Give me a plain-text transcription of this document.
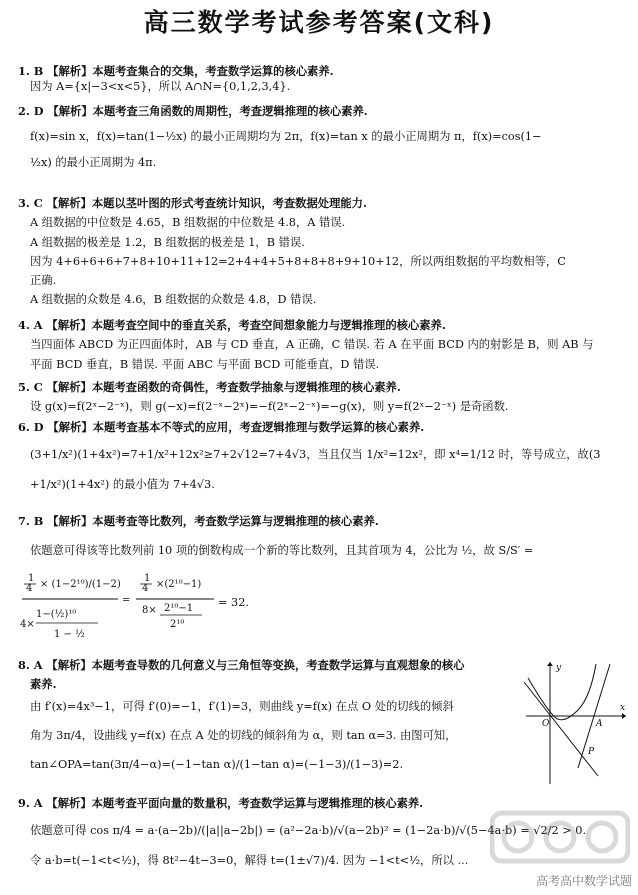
高三数学考试参考答案(文科)
1. B 【解析】本题考查集合的交集，考查数学运算的核心素养.
因为 A={x|−3<x<5}，所以 A∩N={0,1,2,3,4}.
2. D 【解析】本题考查三角函数的周期性，考查逻辑推理的核心素养.
f(x)=sin x，f(x)=tan(1−½x) 的最小正周期均为 2π，f(x)=tan x 的最小正周期为 π，f(x)=cos(1−
½x) 的最小正周期为 4π.
3. C 【解析】本题以茎叶图的形式考查统计知识，考查数据处理能力.
A 组数据的中位数是 4.65，B 组数据的中位数是 4.8，A 错误.
A 组数据的极差是 1.2，B 组数据的极差是 1，B 错误.
因为 4+6+6+6+7+8+10+11+12=2+4+4+5+8+8+8+9+10+12，所以两组数据的平均数相等，C
正确.
A 组数据的众数是 4.6，B 组数据的众数是 4.8，D 错误.
4. A 【解析】本题考查空间中的垂直关系，考查空间想象能力与逻辑推理的核心素养.
当四面体 ABCD 为正四面体时，AB 与 CD 垂直，A 正确，C 错误. 若 A 在平面 BCD 内的射影是 B，则 AB 与
平面 BCD 垂直，B 错误. 平面 ABC 与平面 BCD 可能垂直，D 错误.
5. C 【解析】本题考查函数的奇偶性，考查数学抽象与逻辑推理的核心素养.
设 g(x)=f(2ˣ−2⁻ˣ)，则 g(−x)=f(2⁻ˣ−2ˣ)=−f(2ˣ−2⁻ˣ)=−g(x)，则 y=f(2ˣ−2⁻ˣ) 是奇函数.
6. D 【解析】本题考查基本不等式的应用，考查逻辑推理与数学运算的核心素养.
(3+1/x²)(1+4x²)=7+1/x²+12x²≥7+2√12=7+4√3，当且仅当 1/x²=12x²，即 x⁴=1/12 时，等号成立，故(3
+1/x²)(1+4x²) 的最小值为 7+4√3.
7. B 【解析】本题考查等比数列，考查数学运算与逻辑推理的核心素养.
依题意可得该等比数列前 10 项的倒数构成一个新的等比数列，且其首项为 4，公比为 ½，故 S/S′ =
1
4 × (1−2¹⁰)/(1−2)
1−(½)¹⁰
4×
1 − ½
=
1
4 ×(2¹⁰−1)
8× 2¹⁰−1
2¹⁰
= 32.
8. A 【解析】本题考查导数的几何意义与三角恒等变换，考查数学运算与直观想象的核心
素养.
由 f′(x)=4x³−1，可得 f′(0)=−1，f′(1)=3，则曲线 y=f(x) 在点 O 处的切线的倾斜
角为 3π/4，设曲线 y=f(x) 在点 A 处的切线的倾斜角为 α，则 tan α=3. 由图可知，
tan∠OPA=tan(3π/4−α)=(−1−tan α)/(1−tan α)=(−1−3)/(1−3)=2.
y
x
O	A
P
9. A 【解析】本题考查平面向量的数量积，考查数学运算与逻辑推理的核心素养.
依题意可得 cos π/4 = a·(a−2b)/(|a||a−2b|) = (a²−2a·b)/√(a−2b)² = (1−2a·b)/√(5−4a·b) = √2/2 > 0.
令 a·b=t(−1<t<½)，得 8t²−4t−3=0，解得 t=(1±√7)/4. 因为 −1<t<½，所以 ...
高考高中数学试题
